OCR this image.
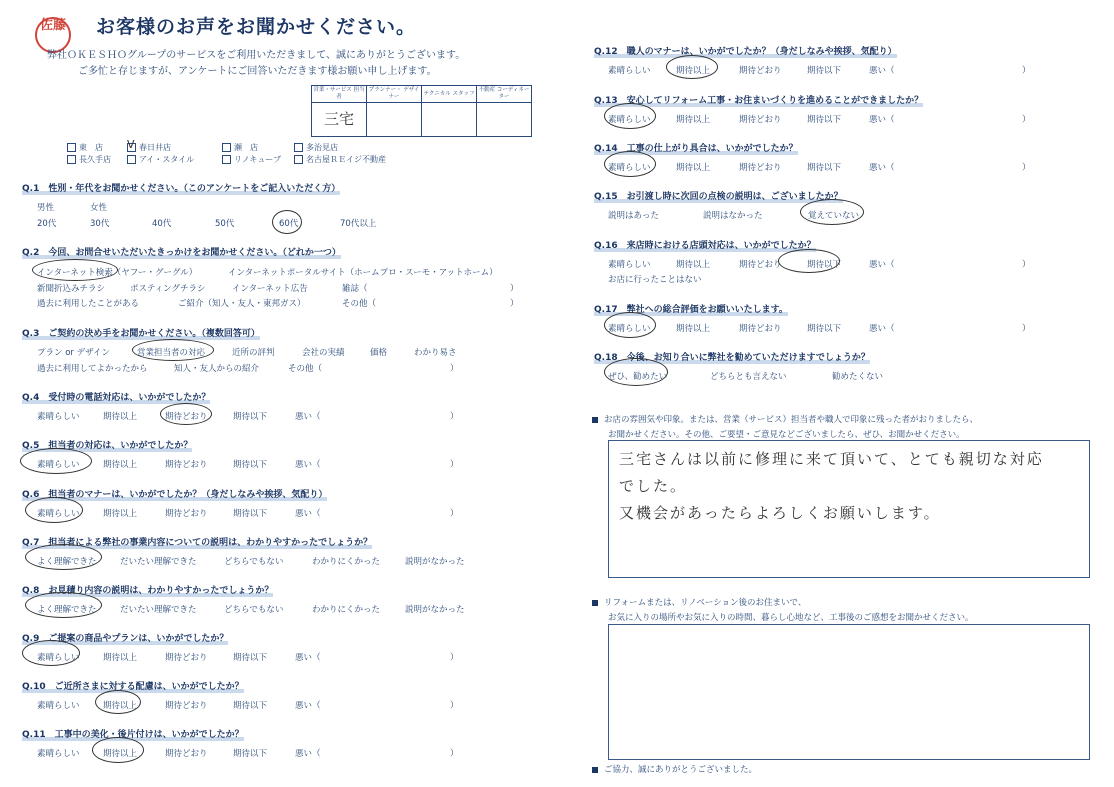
佐藤 お客様のお声をお聞かせください。
弊社ＯＫＥＳＨＯグループのサービスをご利用いただきまして、誠にありがとうございます。
ご多忙と存じますが、アンケートにご回答いただきます様お願い申し上げます。
営業・サービス 担当者	プランナー・ デザイナー	テクニカル スタッフ	不動産 コーディネーター
三宅			
東　店 V 春日井店	瀬　店	多治見店
長久手店	アイ・スタイル	リノキューブ	名古屋ＲＥイジ不動産
Q.1　性別・年代をお聞かせください。（このアンケートをご記入いただく方）
男性	女性
20代	30代	40代	50代	60代	70代以上
Q.2　今回、お問合せいただいたきっかけをお聞かせください。（どれか一つ）
インターネット検索（ヤフー・グーグル）	インターネットポータルサイト（ホームプロ・スーモ・アットホーム）
新聞折込みチラシ	ポスティングチラシ	インターネット広告	雑誌（	）
過去に利用したことがある	ご紹介（知人・友人・東邦ガス）	その他（	）
Q.3　ご契約の決め手をお聞かせください。（複数回答可）
プラン or デザイン	営業担当者の対応	近所の評判	会社の実績	価格	わかり易さ
過去に利用してよかったから	知人・友人からの紹介	その他（	）
Q.4　受付時の電話対応は、いかがでしたか？
素晴らしい	期待以上	期待どおり	期待以下	悪い（	）
Q.5　担当者の対応は、いかがでしたか？
素晴らしい	期待以上	期待どおり	期待以下	悪い（	）
Q.6　担当者のマナーは、いかがでしたか？（身だしなみや挨拶、気配り）
素晴らしい	期待以上	期待どおり	期待以下	悪い（	）
Q.7　担当者による弊社の事業内容についての説明は、わかりやすかったでしょうか？
よく理解できた	だいたい理解できた	どちらでもない	わかりにくかった	説明がなかった
Q.8　お見積り内容の説明は、わかりやすかったでしょうか？
よく理解できた	だいたい理解できた	どちらでもない	わかりにくかった	説明がなかった
Q.9　ご提案の商品やプランは、いかがでしたか？
素晴らしい	期待以上	期待どおり	期待以下	悪い（	）
Q.10　ご近所さまに対する配慮は、いかがでしたか？
素晴らしい	期待以上	期待どおり	期待以下	悪い（	）
Q.11　工事中の美化・後片付けは、いかがでしたか？
素晴らしい	期待以上	期待どおり	期待以下	悪い（	）
Q.12　職人のマナーは、いかがでしたか？（身だしなみや挨拶、気配り）
素晴らしい	期待以上	期待どおり	期待以下	悪い（	）
Q.13　安心してリフォーム工事・お住まいづくりを進めることができましたか？
素晴らしい	期待以上	期待どおり	期待以下	悪い（	）
Q.14　工事の仕上がり具合は、いかがでしたか？
素晴らしい	期待以上	期待どおり	期待以下	悪い（	）
Q.15　お引渡し時に次回の点検の説明は、ございましたか？
説明はあった	説明はなかった	覚えていない
Q.16　来店時における店頭対応は、いかがでしたか？
素晴らしい	期待以上	期待どおり	期待以下	悪い（	）
お店に行ったことはない
Q.17　弊社への総合評価をお願いいたします。
素晴らしい	期待以上	期待どおり	期待以下	悪い（	）
Q.18　今後、お知り合いに弊社を勧めていただけますでしょうか？
ぜひ、勧めたい	どちらとも言えない	勧めたくない
お店の雰囲気や印象。または、営業（サービス）担当者や職人で印象に残った者がおりましたら、
お聞かせください。その他、ご要望・ご意見などございましたら、ぜひ、お聞かせください。
三宅さんは以前に修理に来て頂いて、とても親切な対応
でした。
又機会があったらよろしくお願いします。
リフォームまたは、リノベーション後のお住まいで、
お気に入りの場所やお気に入りの時間、暮らし心地など、工事後のご感想をお聞かせください。
ご協力、誠にありがとうございました。
